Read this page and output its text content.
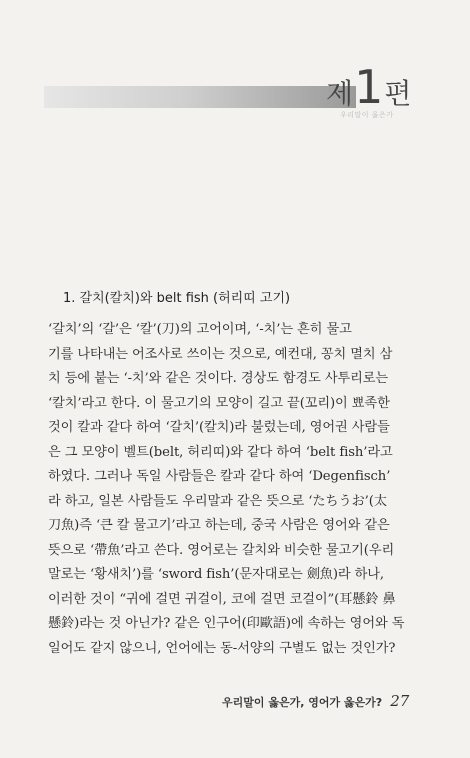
제 1 편
우리말이 옳은가
1. 갈치(칼치)와 belt fish (허리띠 고기)
‘갈치’의 ‘갈’은 ‘칼’(刀)의 고어이며, ‘-치’는 흔히 물고
기를 나타내는 어조사로 쓰이는 것으로, 예컨대, 꽁치 멸치 삼
치 등에 붙는 ‘-치’와 같은 것이다. 경상도 함경도 사투리로는
‘칼치’라고 한다. 이 물고기의 모양이 길고 끝(꼬리)이 뾰족한
것이 칼과 같다 하여 ‘갈치’(칼치)라 불렀는데, 영어권 사람들
은 그 모양이 벨트(belt, 허리띠)와 같다 하여 ‘belt fish’라고
하였다. 그러나 독일 사람들은 칼과 같다 하여 ‘Degenfisch’
라 하고, 일본 사람들도 우리말과 같은 뜻으로 ‘たちうお’(太
刀魚)즉 ‘큰 칼 물고기’라고 하는데, 중국 사람은 영어와 같은
뜻으로 ‘帶魚’라고 쓴다. 영어로는 갈치와 비슷한 물고기(우리
말로는 ‘황새치’)를 ‘sword fish’(문자대로는 劍魚)라 하나,
이러한 것이 “귀에 걸면 귀걸이, 코에 걸면 코걸이”(耳懸鈴 鼻
懸鈴)라는 것 아닌가? 같은 인구어(印歐語)에 속하는 영어와 독
일어도 같지 않으니, 언어에는 동-서양의 구별도 없는 것인가?
우리말이 옳은가, 영어가 옳은가? 27
